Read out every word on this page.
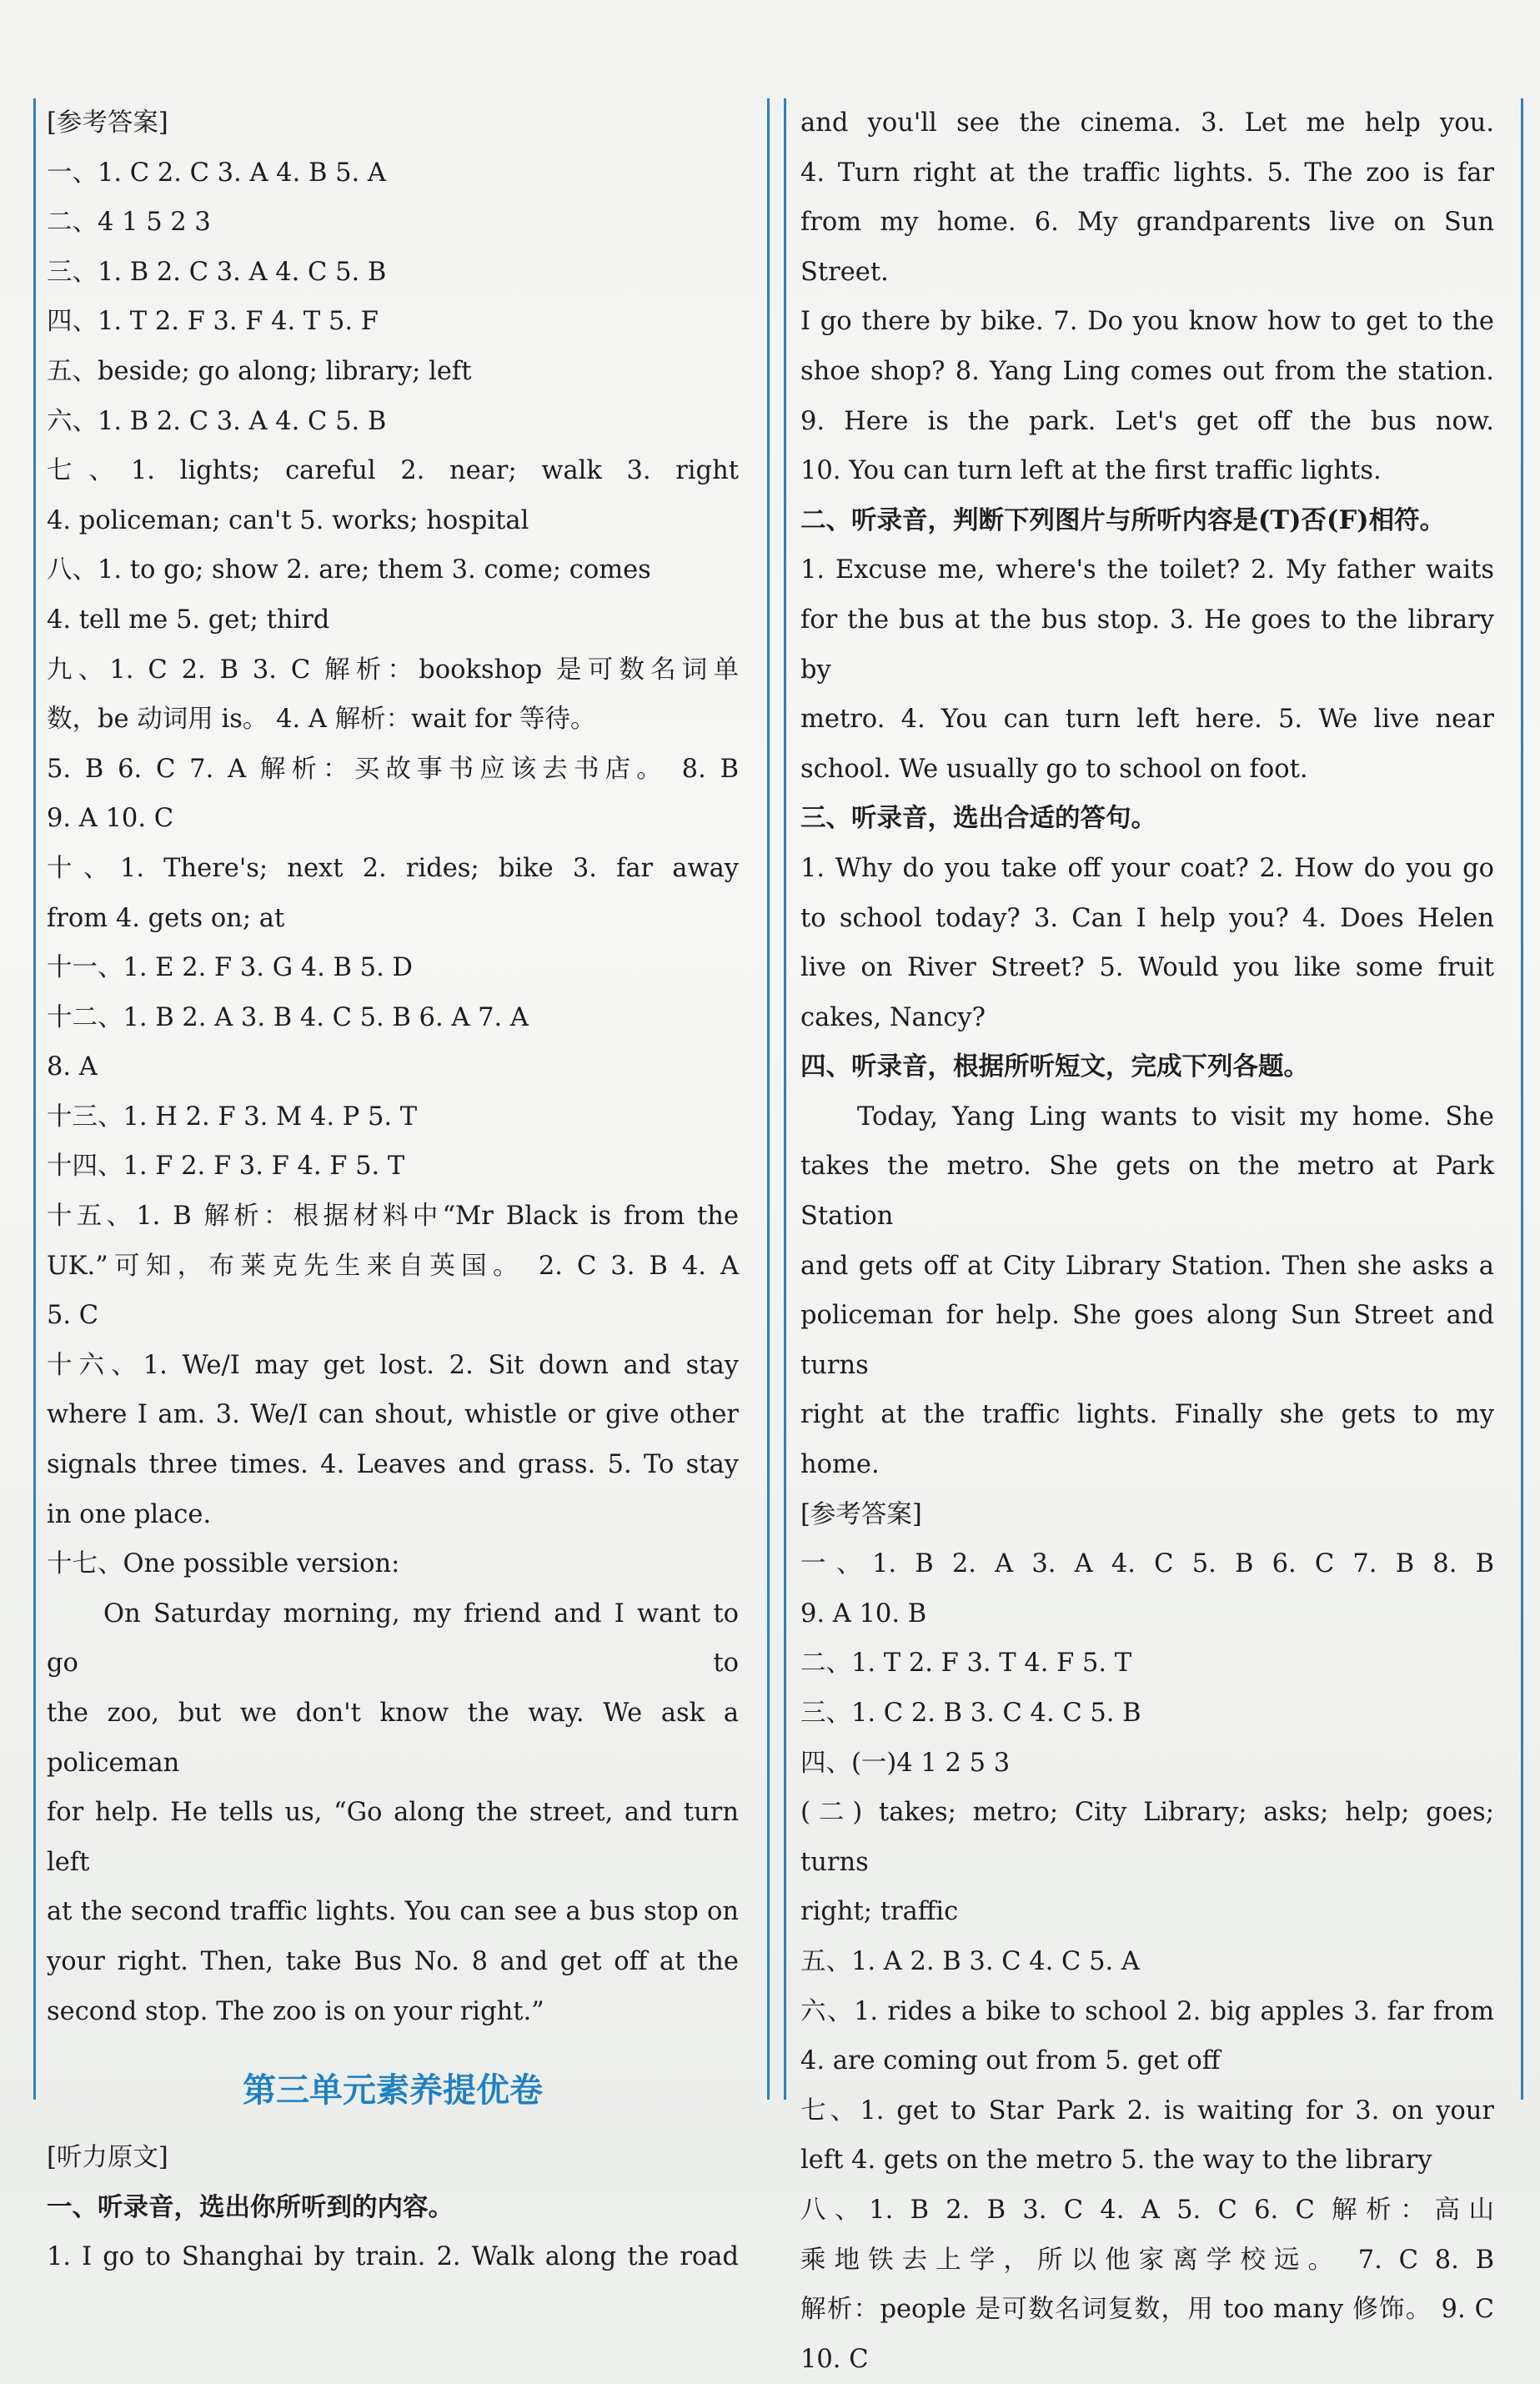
[参考答案]
一、1. C 2. C 3. A 4. B 5. A
二、4 1 5 2 3
三、1. B 2. C 3. A 4. C 5. B
四、1. T 2. F 3. F 4. T 5. F
五、beside; go along; library; left
六、1. B 2. C 3. A 4. C 5. B
七、1. lights; careful 2. near; walk 3. right
4. policeman; can't 5. works; hospital
八、1. to go; show 2. are; them 3. come; comes
4. tell me 5. get; third
九、1. C 2. B 3. C 解析：bookshop 是可数名词单
数，be 动词用 is。 4. A 解析：wait for 等待。
5. B 6. C 7. A 解析：买故事书应该去书店。 8. B
9. A 10. C
十、1. There's; next 2. rides; bike 3. far away
from 4. gets on; at
十一、1. E 2. F 3. G 4. B 5. D
十二、1. B 2. A 3. B 4. C 5. B 6. A 7. A
8. A
十三、1. H 2. F 3. M 4. P 5. T
十四、1. F 2. F 3. F 4. F 5. T
十五、1. B 解析：根据材料中“Mr Black is from the
UK.”可知，布莱克先生来自英国。 2. C 3. B 4. A
5. C
十六、1. We/I may get lost. 2. Sit down and stay
where I am. 3. We/I can shout, whistle or give other
signals three times. 4. Leaves and grass. 5. To stay
in one place.
十七、One possible version:
On Saturday morning, my friend and I want to go to
the zoo, but we don't know the way. We ask a policeman
for help. He tells us, “Go along the street, and turn left
at the second traffic lights. You can see a bus stop on
your right. Then, take Bus No. 8 and get off at the
second stop. The zoo is on your right.”
第三单元素养提优卷
[听力原文]
一、听录音，选出你所听到的内容。
1. I go to Shanghai by train. 2. Walk along the road
and you'll see the cinema. 3. Let me help you.
4. Turn right at the traffic lights. 5. The zoo is far
from my home. 6. My grandparents live on Sun Street.
I go there by bike. 7. Do you know how to get to the
shoe shop? 8. Yang Ling comes out from the station.
9. Here is the park. Let's get off the bus now.
10. You can turn left at the first traffic lights.
二、听录音，判断下列图片与所听内容是(T)否(F)相符。
1. Excuse me, where's the toilet? 2. My father waits
for the bus at the bus stop. 3. He goes to the library by
metro. 4. You can turn left here. 5. We live near
school. We usually go to school on foot.
三、听录音，选出合适的答句。
1. Why do you take off your coat? 2. How do you go
to school today? 3. Can I help you? 4. Does Helen
live on River Street? 5. Would you like some fruit
cakes, Nancy?
四、听录音，根据所听短文，完成下列各题。
Today, Yang Ling wants to visit my home. She
takes the metro. She gets on the metro at Park Station
and gets off at City Library Station. Then she asks a
policeman for help. She goes along Sun Street and turns
right at the traffic lights. Finally she gets to my home.
[参考答案]
一、1. B 2. A 3. A 4. C 5. B 6. C 7. B 8. B
9. A 10. B
二、1. T 2. F 3. T 4. F 5. T
三、1. C 2. B 3. C 4. C 5. B
四、(一)4 1 2 5 3
(二) takes; metro; City Library; asks; help; goes; turns
right; traffic
五、1. A 2. B 3. C 4. C 5. A
六、1. rides a bike to school 2. big apples 3. far from
4. are coming out from 5. get off
七、1. get to Star Park 2. is waiting for 3. on your
left 4. gets on the metro 5. the way to the library
八、1. B 2. B 3. C 4. A 5. C 6. C 解析：高山
乘地铁去上学，所以他家离学校远。 7. C 8. B
解析：people 是可数名词复数，用 too many 修饰。 9. C
10. C
